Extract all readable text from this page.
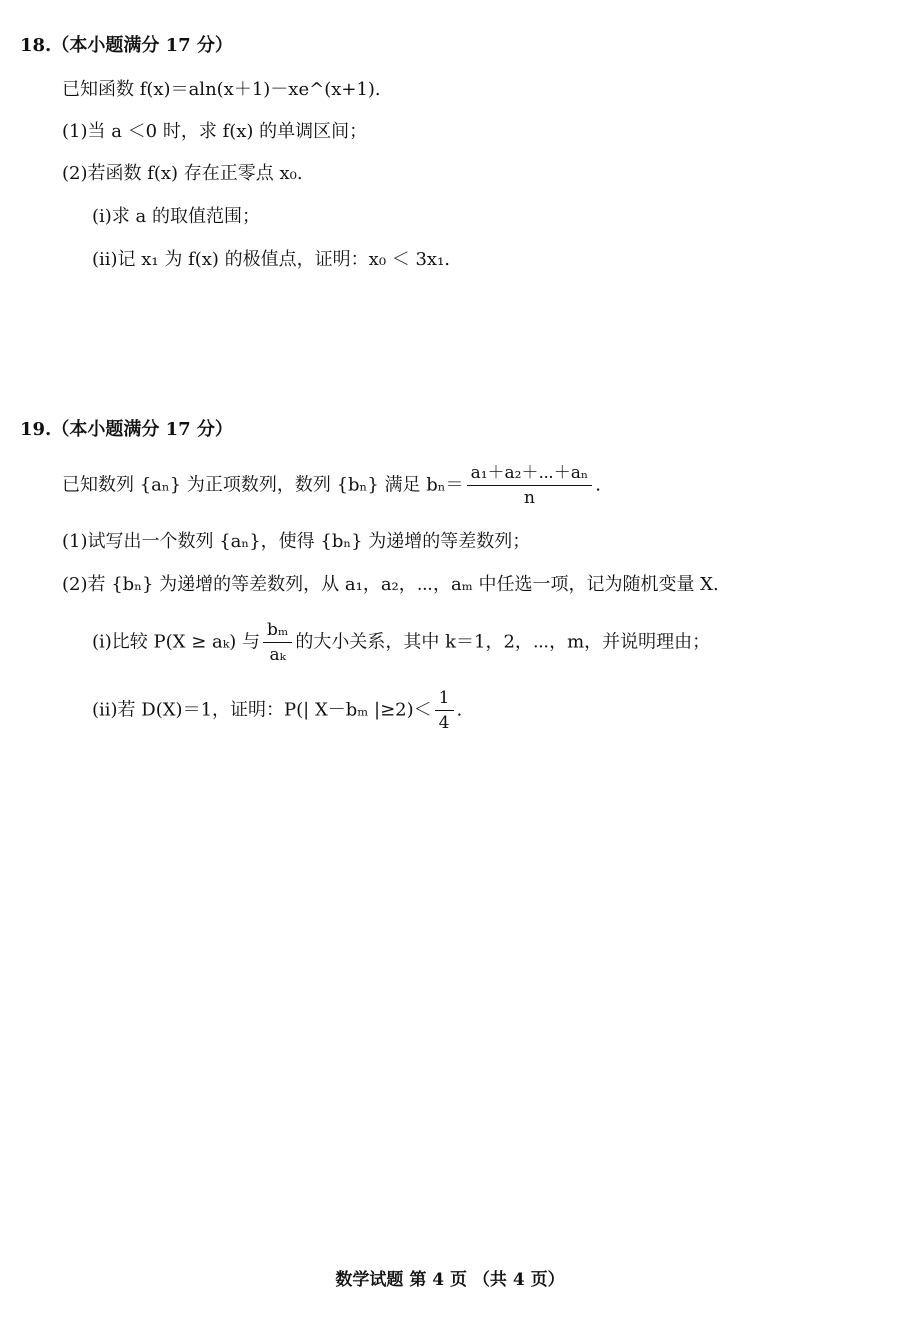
18.（本小题满分 17 分）
已知函数 f(x)＝aln(x＋1)－xe^(x+1).
(1)当 a ＜0 时，求 f(x) 的单调区间；
(2)若函数 f(x) 存在正零点 x₀.
(i)求 a 的取值范围；
(ii)记 x₁ 为 f(x) 的极值点，证明：x₀ ＜ 3x₁.
19.（本小题满分 17 分）
已知数列 {aₙ} 为正项数列，数列 {bₙ} 满足 $b_n= \frac{\text{a₁＋a₂＋⋯＋aₙ}}{n}$ .
(1)试写出一个数列 {aₙ}，使得 {bₙ} 为递增的等差数列；
(2)若 {bₙ} 为递增的等差数列，从 a₁，a₂，⋯，aₘ 中任选一项，记为随机变量 X.
(i)比较 P(X ≥ aₖ) 与 $\frac{\text{bₘ}}{\text{aₖ}}$ 的大小关系，其中 k＝1，2，⋯，m，并说明理由；
(ii)若 D(X)＝1，证明：P(| X－bₘ $|\ge 2)< \frac{1}{4}$ .
数学试题 第 4 页 （共 4 页）
